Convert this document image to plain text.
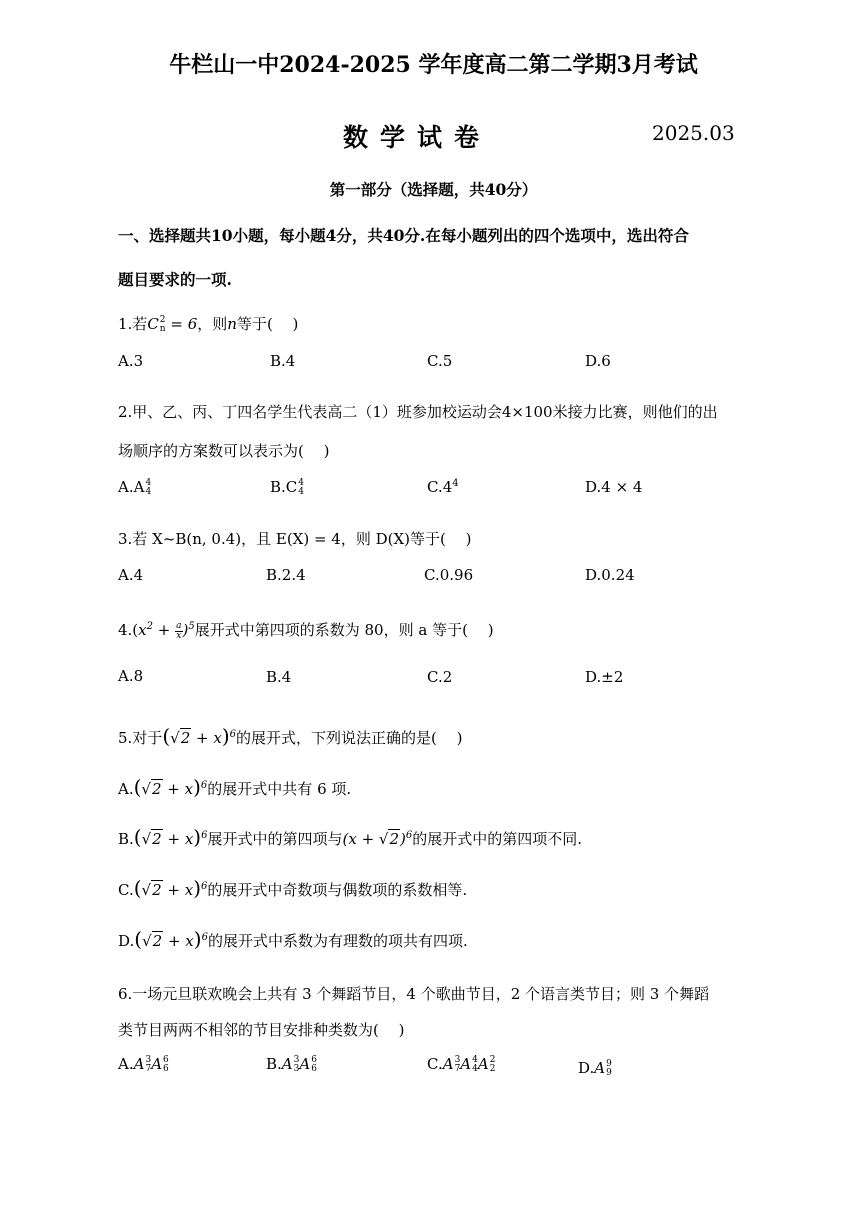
牛栏山一中2024-2025 学年度高二第二学期3月考试
数学试卷	2025.03
第一部分（选择题，共40分）
一、选择题共10小题，每小题4分，共40分.在每小题列出的四个选项中，选出符合
题目要求的一项.
1.若C 2
n = 6，则n等于(　 )
A.3	B.4	C.5	D.6
2.甲、乙、丙、丁四名学生代表高二（1）班参加校运动会4×100米接力比赛，则他们的出
场顺序的方案数可以表示为(　 )
A.A 4
4	B.C 4
4	$C.4^4$	D.4 × 4
3.若 X~B(n, 0.4)，且 E(X) = 4，则 D(X)等于(　 )
A.4	B.2.4	C.0.96	D.0.24
$4.(x^2 + \frac{a}{x} )^5$展开式中第四项的系数为 80，则 a 等于(　 )
A.8	B.4	C.2	D.±2
5.对于$(√2 + x)^6$的展开式，下列说法正确的是(　 )
$A.(√2 + x)^6$的展开式中共有 6 项.
$B.(√2 + x)^6$展开式中的第四项与$(x + √2)^6$的展开式中的第四项不同.
$C.(√2 + x)^6$的展开式中奇数项与偶数项的系数相等.
$D.(√2 + x)^6$的展开式中系数为有理数的项共有四项.
6.一场元旦联欢晚会上共有 3 个舞蹈节目，4 个歌曲节目，2 个语言类节目；则 3 个舞蹈
类节目两两不相邻的节目安排种类数为(　 )
A.A 3
7 A 6
6	B.A 3
3 A 6
6	C.A 3
7 A 4
4 A 2
2	D.A 9
9
